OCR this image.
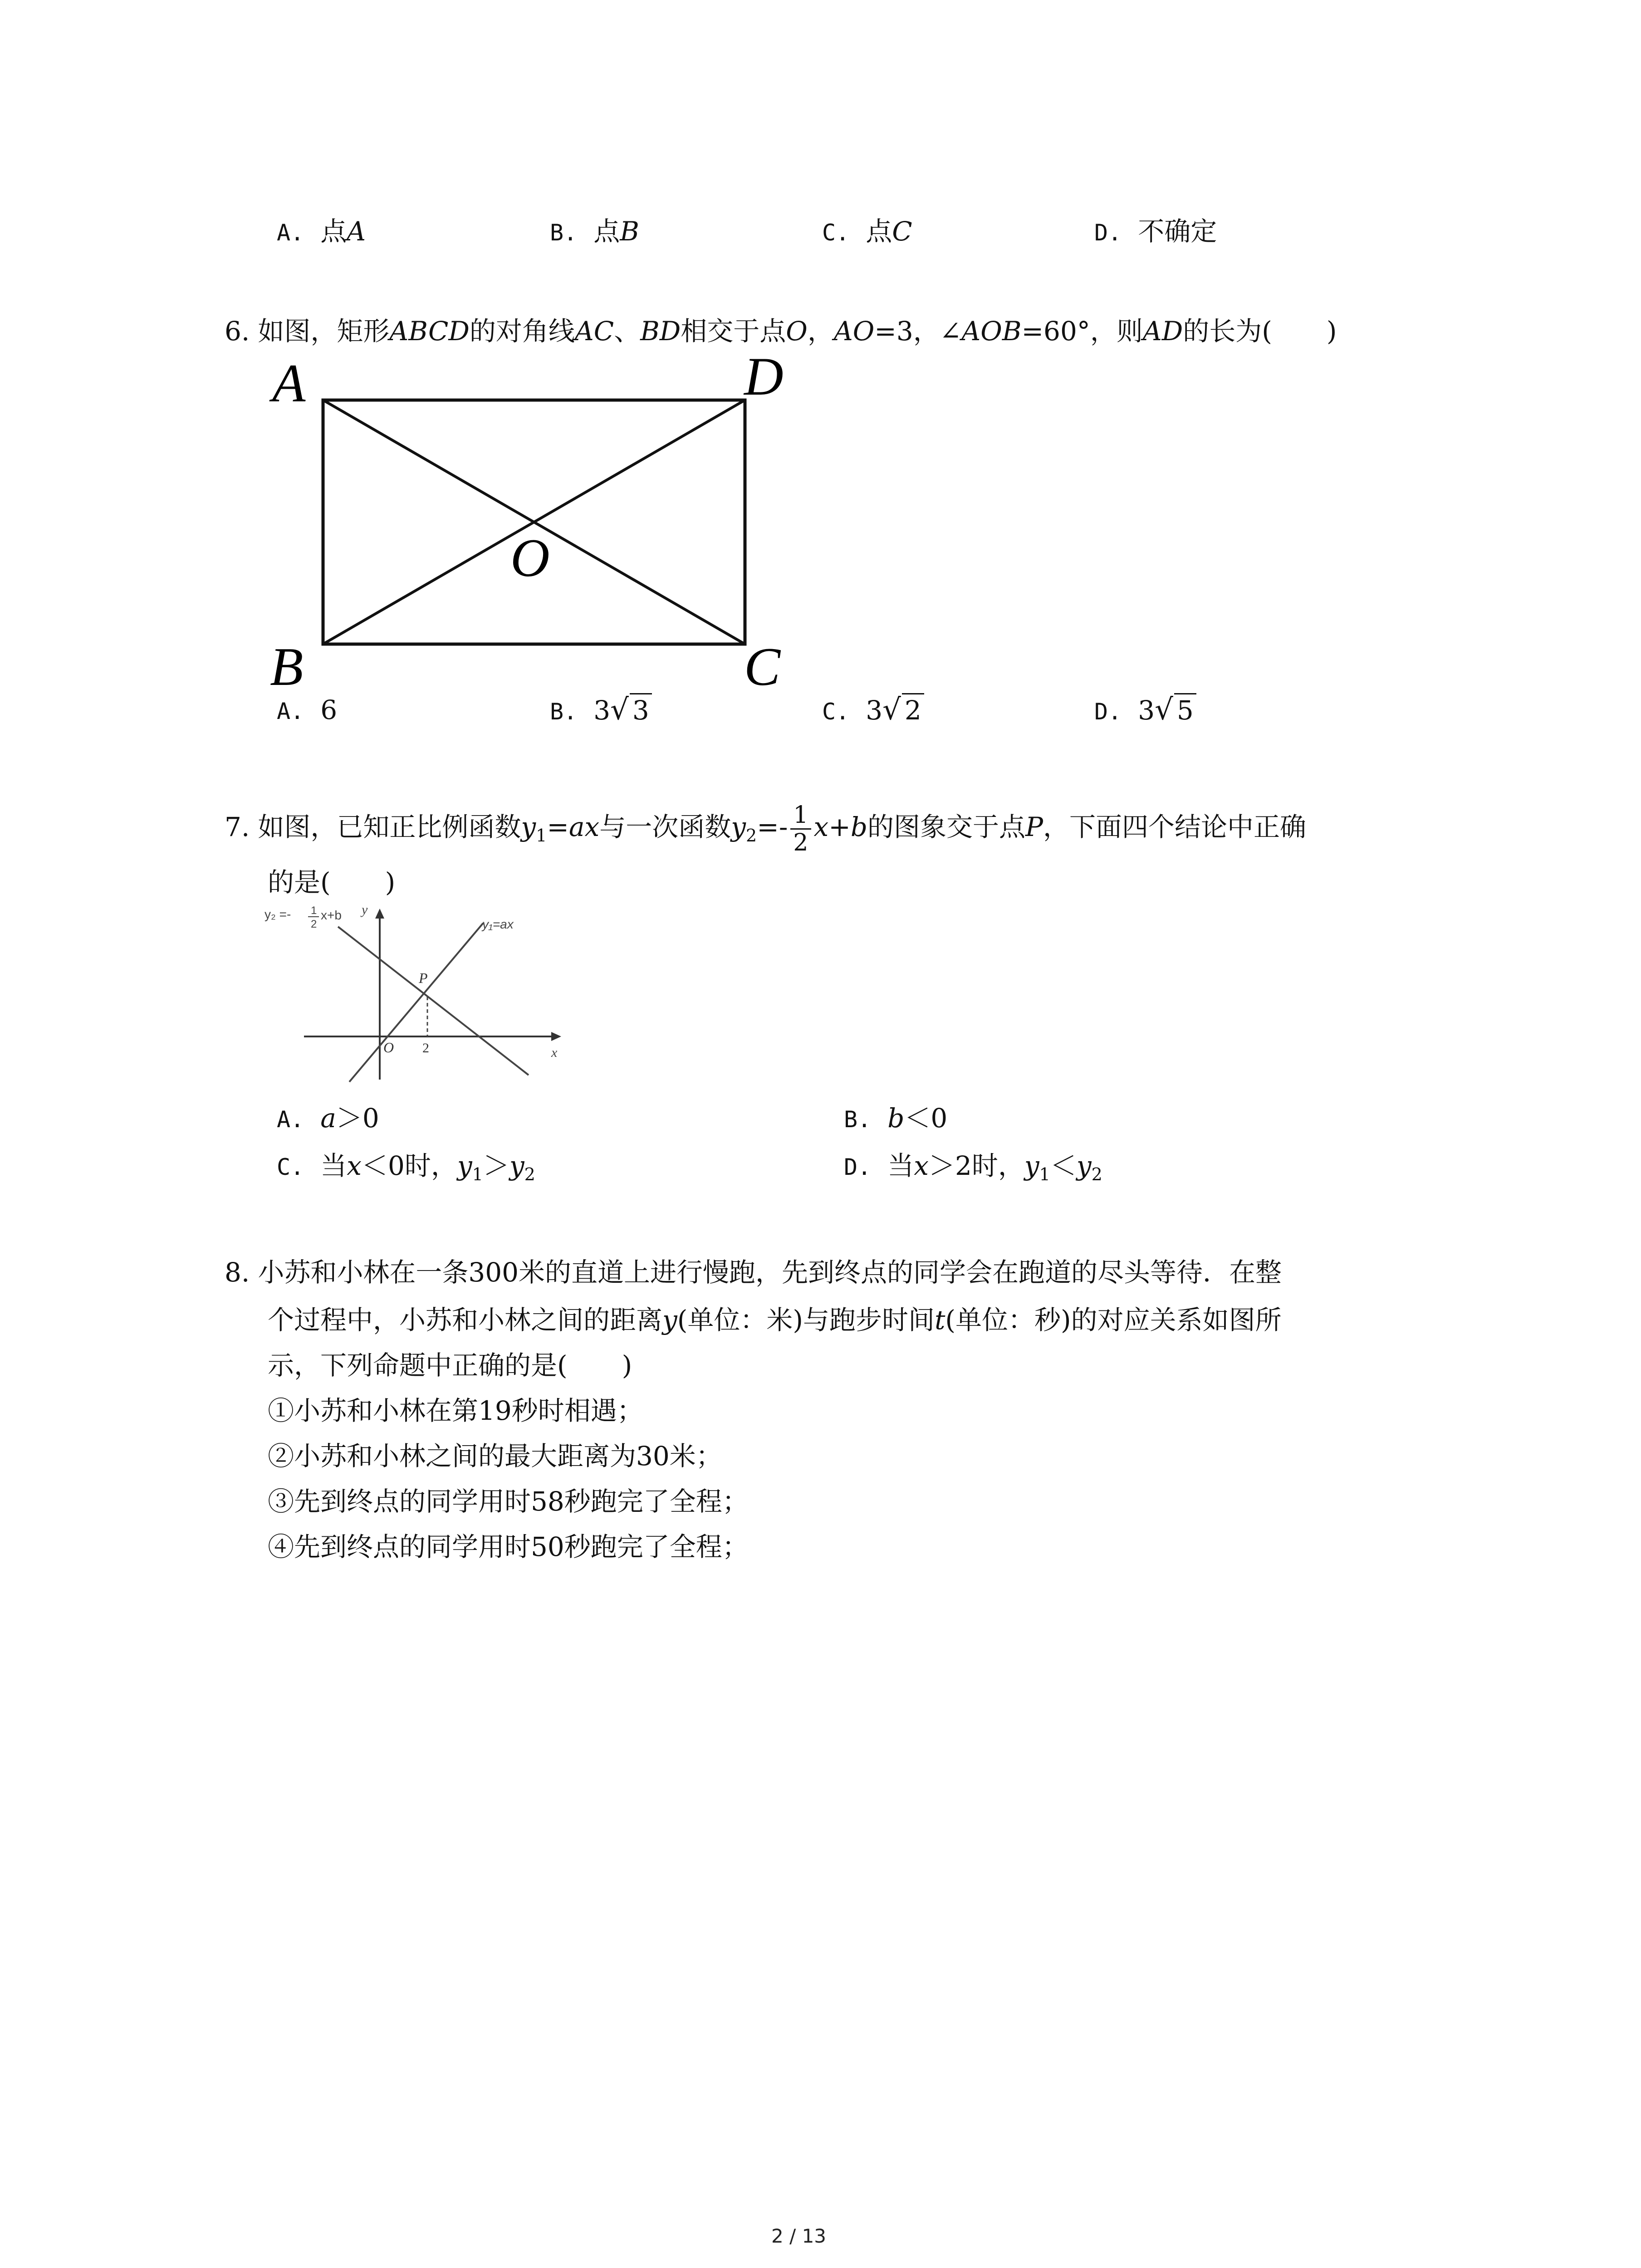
A. 点A	B. 点B	C. 点C	D. 不确定
6. 如图，矩形ABCD的对角线AC、BD相交于点O，AO=3，∠AOB=60°，则AD的长为( )
A	D
B	C
O
A. 6	B. 3√ 3	C. 3√ 2	D. 3√ 5
7. 如图，已知正比例函数$y_1=ax$与一次函数$y_2=- \frac{1}{2} x+b$的图象交于点P，下面四个结论中正确
的是( )
y₂ =- 1
2
x+b
y₁=ax
y
x
P
O 2
A. a＞0	B. b＜0
C. 当x＜0时，$y_1>y_2$	D. 当x＞2时，$y_1<y_2$
8. 小苏和小林在一条300米的直道上进行慢跑，先到终点的同学会在跑道的尽头等待．在整
个过程中，小苏和小林之间的距离y(单位：米)与跑步时间t(单位：秒)的对应关系如图所
示，下列命题中正确的是( )
①小苏和小林在第19秒时相遇；
②小苏和小林之间的最大距离为30米；
③先到终点的同学用时58秒跑完了全程；
④先到终点的同学用时50秒跑完了全程；
2 / 13
